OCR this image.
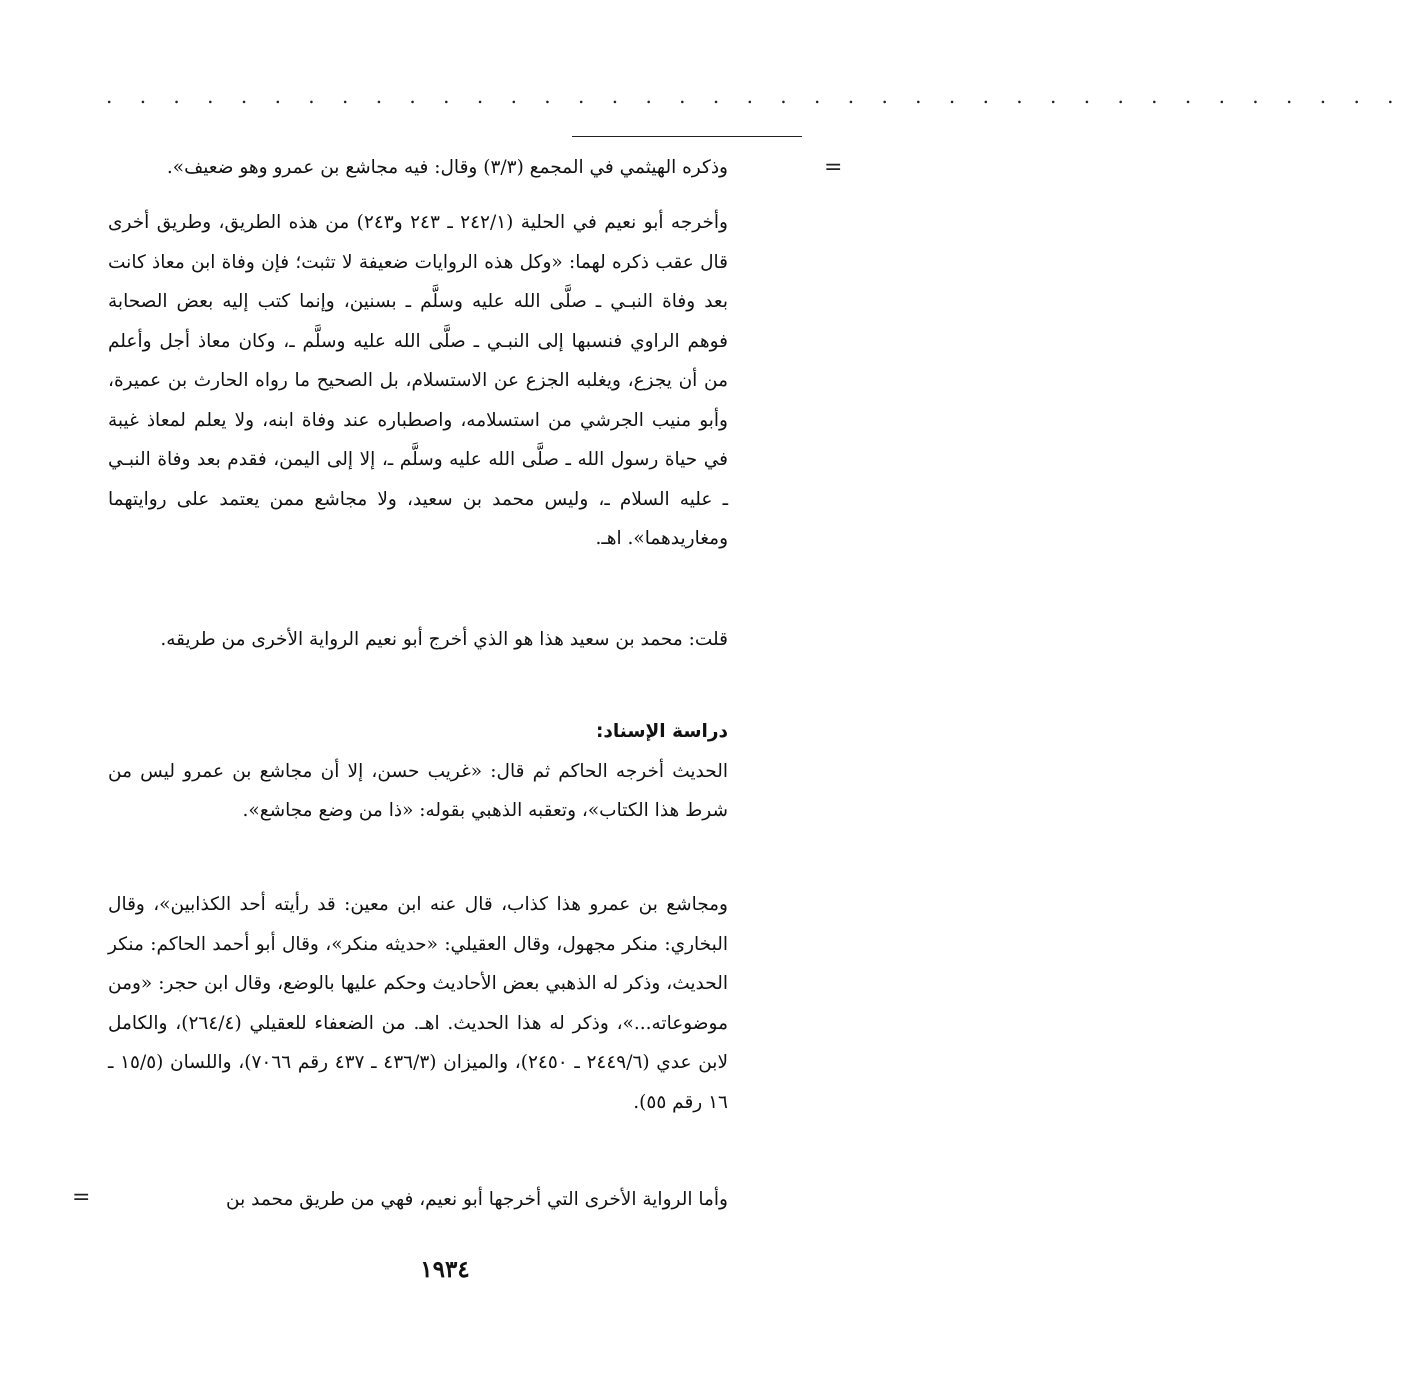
. . . . . . . . . . . . . . . . . . . . . . . . . . . . . . . . . . . . . . .
=

وذكره الهيثمي في المجمع (٣/٣) وقال: فيه مجاشع بن عمرو وهو ضعيف».

وأخرجه أبو نعيم في الحلية (٢٤٢/١ ـ ٢٤٣ و٢٤٣) من هذه الطريق، وطريق أخرى قال عقب ذكره لهما: «وكل هذه الروايات ضعيفة لا تثبت؛ فإن وفاة ابن معاذ كانت بعد وفاة النبـي ـ صلَّى الله عليه وسلَّم ـ بسنين، وإنما كتب إليه بعض الصحابة فوهم الراوي فنسبها إلى النبـي ـ صلَّى الله عليه وسلَّم ـ، وكان معاذ أجل وأعلم من أن يجزع، ويغلبه الجزع عن الاستسلام، بل الصحيح ما رواه الحارث بن عميرة، وأبو منيب الجرشي من استسلامه، واصطباره عند وفاة ابنه، ولا يعلم لمعاذ غيبة في حياة رسول الله ـ صلَّى الله عليه وسلَّم ـ، إلا إلى اليمن، فقدم بعد وفاة النبـي ـ عليه السلام ـ، وليس محمد بن سعيد، ولا مجاشع ممن يعتمد على روايتهما ومغاريدهما». اهـ.

قلت: محمد بن سعيد هذا هو الذي أخرج أبو نعيم الرواية الأخرى من طريقه.

دراسة الإسناد:

الحديث أخرجه الحاكم ثم قال: «غريب حسن، إلا أن مجاشع بن عمرو ليس من شرط هذا الكتاب»، وتعقبه الذهبي بقوله: «ذا من وضع مجاشع».

ومجاشع بن عمرو هذا كذاب، قال عنه ابن معين: قد رأيته أحد الكذابين»، وقال البخاري: منكر مجهول، وقال العقيلي: «حديثه منكر»، وقال أبو أحمد الحاكم: منكر الحديث، وذكر له الذهبي بعض الأحاديث وحكم عليها بالوضع، وقال ابن حجر: «ومن موضوعاته...»، وذكر له هذا الحديث. اهـ. من الضعفاء للعقيلي (٢٦٤/٤)، والكامل لابن عدي (٢٤٤٩/٦ ـ ٢٤٥٠)، والميزان (٤٣٦/٣ ـ ٤٣٧ رقم ٧٠٦٦)، واللسان (١٥/٥ ـ ١٦ رقم ٥٥).

وأما الرواية الأخرى التي أخرجها أبو نعيم، فهي من طريق محمد بن

=
١٩٣٤
